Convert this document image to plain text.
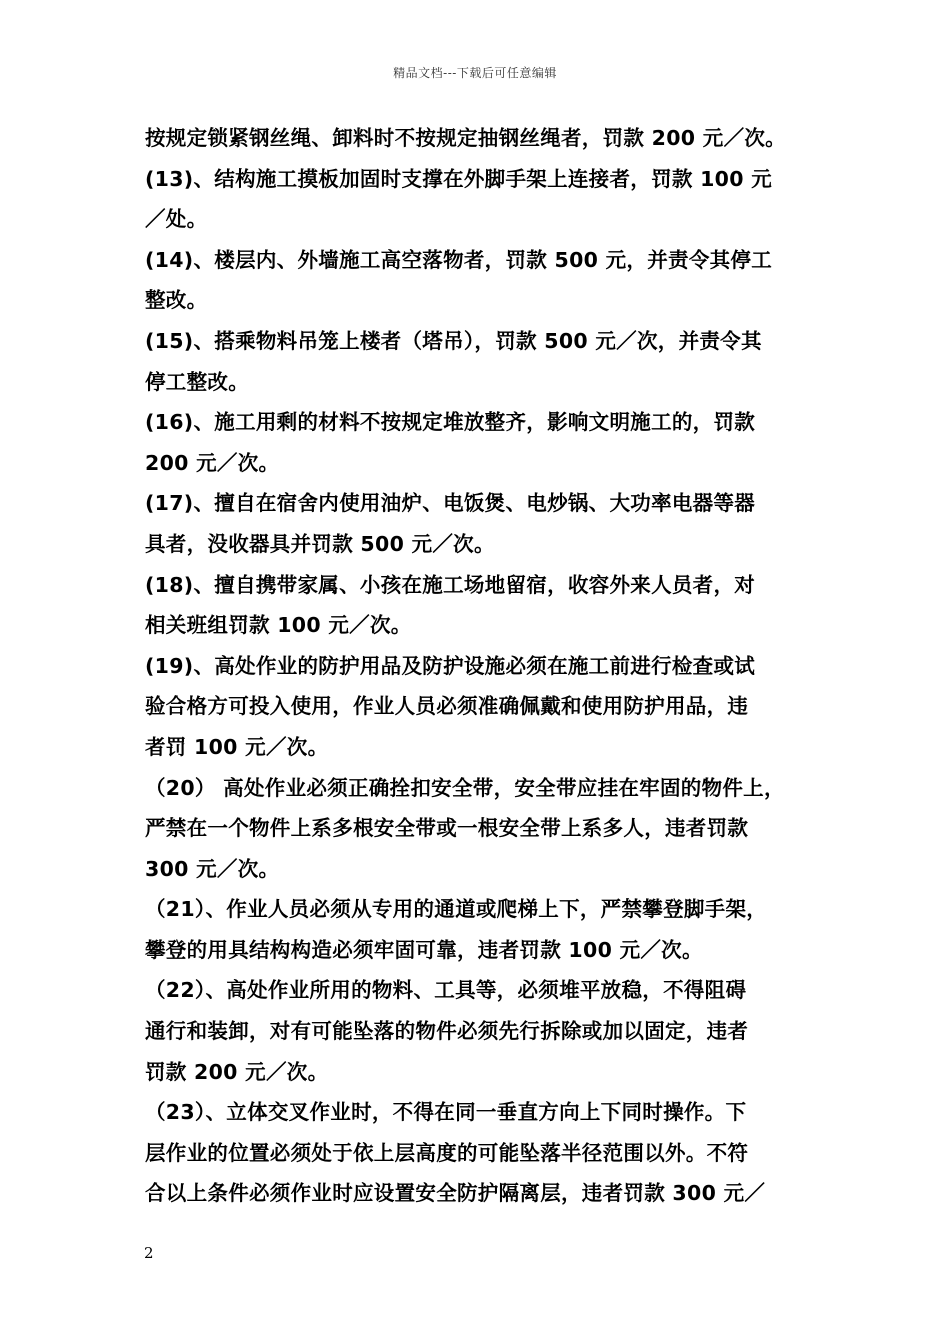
精品文档---下载后可任意编辑
按规定锁紧钢丝绳、卸料时不按规定抽钢丝绳者，罚款 200 元／次。
(13)、结构施工摸板加固时支撑在外脚手架上连接者，罚款 100 元
／处。
(14)、楼层内、外墙施工高空落物者，罚款 500 元，并责令其停工
整改。
(15)、搭乘物料吊笼上楼者（塔吊），罚款 500 元／次，并责令其
停工整改。
(16)、施工用剩的材料不按规定堆放整齐，影响文明施工的，罚款
200 元／次。
(17)、擅自在宿舍内使用油炉、电饭煲、电炒锅、大功率电器等器
具者，没收器具并罚款 500 元／次。
(18)、擅自携带家属、小孩在施工场地留宿，收容外来人员者，对
相关班组罚款 100 元／次。
(19)、高处作业的防护用品及防护设施必须在施工前进行检查或试
验合格方可投入使用，作业人员必须准确佩戴和使用防护用品，违
者罚 100 元／次。
（20） 高处作业必须正确拴扣安全带，安全带应挂在牢固的物件上，
严禁在一个物件上系多根安全带或一根安全带上系多人，违者罚款
300 元／次。
（21）、作业人员必须从专用的通道或爬梯上下，严禁攀登脚手架，
攀登的用具结构构造必须牢固可靠，违者罚款 100 元／次。
（22）、高处作业所用的物料、工具等，必须堆平放稳，不得阻碍
通行和装卸，对有可能坠落的物件必须先行拆除或加以固定，违者
罚款 200 元／次。
（23）、立体交叉作业时，不得在同一垂直方向上下同时操作。下
层作业的位置必须处于依上层高度的可能坠落半径范围以外。不符
合以上条件必须作业时应设置安全防护隔离层，违者罚款 300 元／
2
